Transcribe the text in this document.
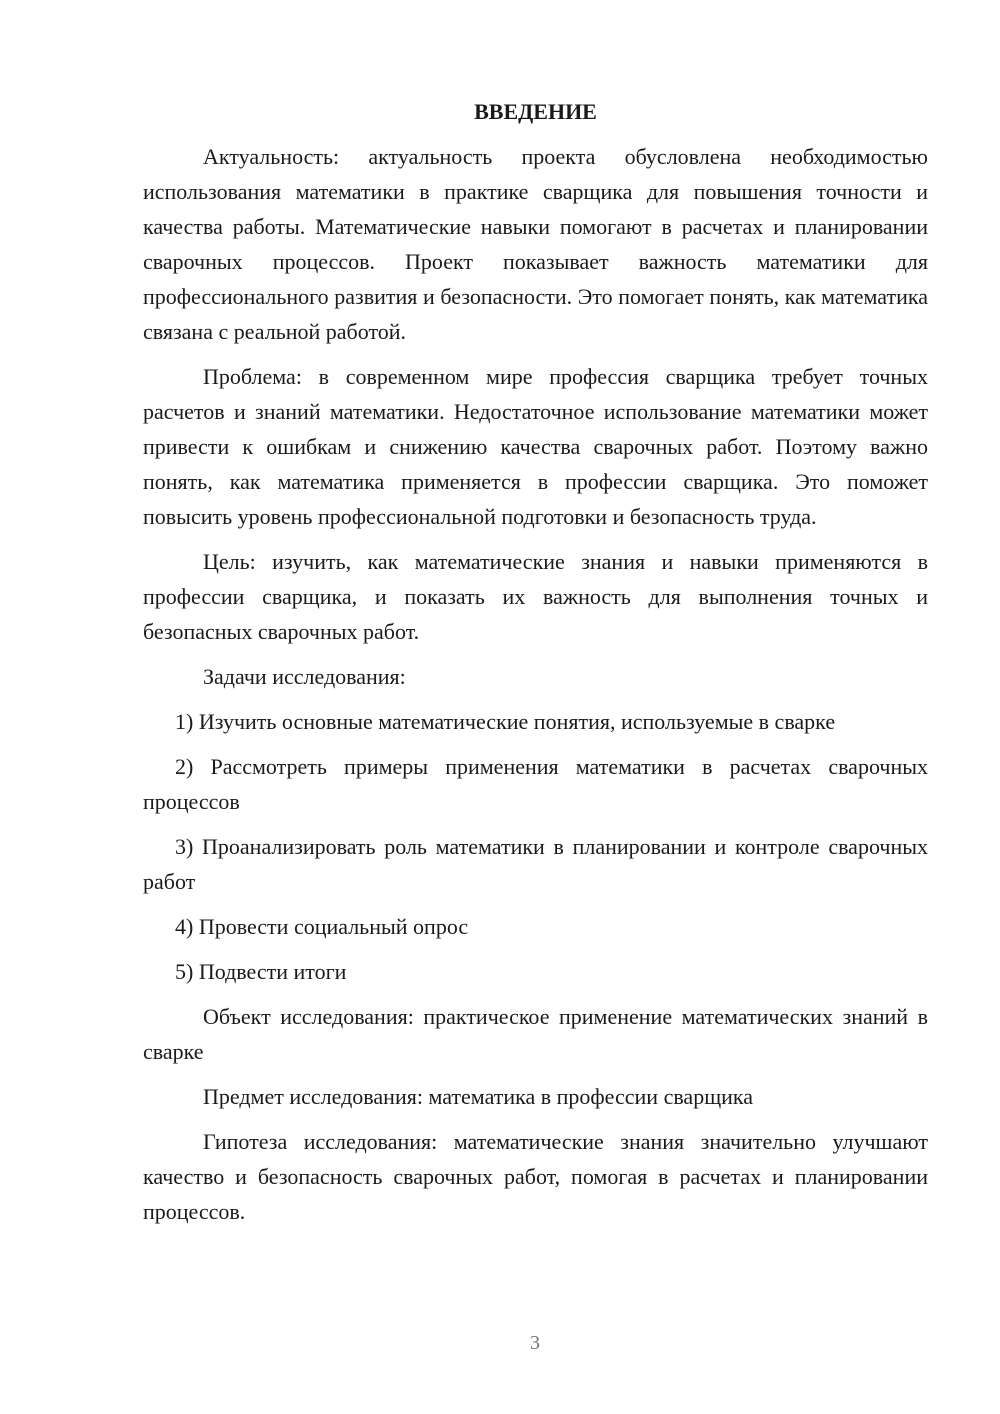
ВВЕДЕНИЕ

Актуальность: актуальность проекта обусловлена необходимостью использования математики в практике сварщика для повышения точности и качества работы. Математические навыки помогают в расчетах и планировании сварочных процессов. Проект показывает важность математики для профессионального развития и безопасности. Это помогает понять, как математика связана с реальной работой.

Проблема: в современном мире профессия сварщика требует точных расчетов и знаний математики. Недостаточное использование математики может привести к ошибкам и снижению качества сварочных работ. Поэтому важно понять, как математика применяется в профессии сварщика. Это поможет повысить уровень профессиональной подготовки и безопасность труда.

Цель: изучить, как математические знания и навыки применяются в профессии сварщика, и показать их важность для выполнения точных и безопасных сварочных работ.

Задачи исследования:

1) Изучить основные математические понятия, используемые в сварке

2) Рассмотреть примеры применения математики в расчетах сварочных процессов

3) Проанализировать роль математики в планировании и контроле сварочных работ

4) Провести социальный опрос

5) Подвести итоги

Объект исследования: практическое применение математических знаний в сварке

Предмет исследования: математика в профессии сварщика

Гипотеза исследования: математические знания значительно улучшают качество и безопасность сварочных работ, помогая в расчетах и планировании процессов.

3
